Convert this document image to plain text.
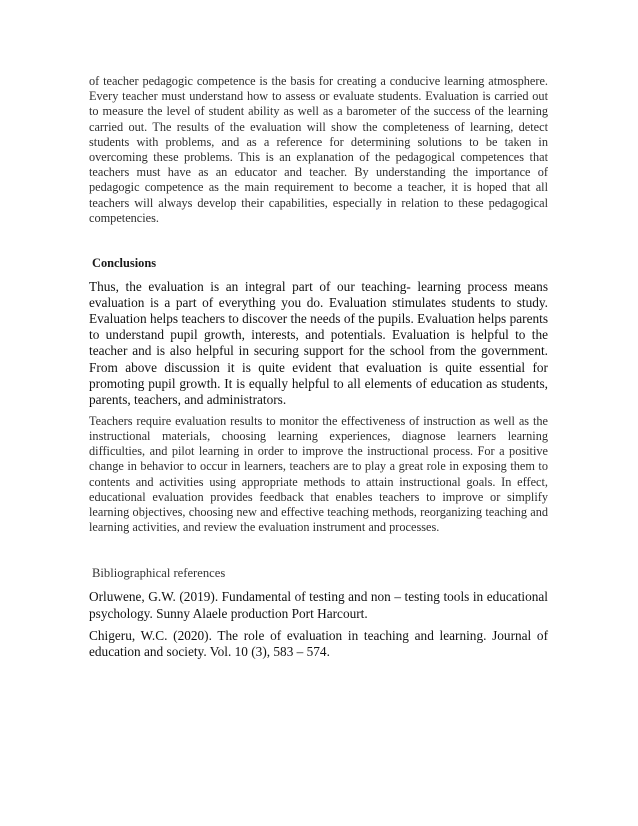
of teacher pedagogic competence is the basis for creating a conducive learning atmosphere. Every teacher must understand how to assess or evaluate students. Evaluation is carried out to measure the level of student ability as well as a barometer of the success of the learning carried out. The results of the evaluation will show the completeness of learning, detect students with problems, and as a reference for determining solutions to be taken in overcoming these problems. This is an explanation of the pedagogical competences that teachers must have as an educator and teacher. By understanding the importance of pedagogic competence as the main requirement to become a teacher, it is hoped that all teachers will always develop their capabilities, especially in relation to these pedagogical competencies.

Conclusions

Thus, the evaluation is an integral part of our teaching- learning process means evaluation is a part of everything you do. Evaluation stimulates students to study. Evaluation helps teachers to discover the needs of the pupils. Evaluation helps parents to understand pupil growth, interests, and potentials. Evaluation is helpful to the teacher and is also helpful in securing support for the school from the government. From above discussion it is quite evident that evaluation is quite essential for promoting pupil growth. It is equally helpful to all elements of education as students, parents, teachers, and administrators.

Teachers require evaluation results to monitor the effectiveness of instruction as well as the instructional materials, choosing learning experiences, diagnose learners learning difficulties, and pilot learning in order to improve the instructional process. For a positive change in behavior to occur in learners, teachers are to play a great role in exposing them to contents and activities using appropriate methods to attain instructional goals. In effect, educational evaluation provides feedback that enables teachers to improve or simplify learning objectives, choosing new and effective teaching methods, reorganizing teaching and learning activities, and review the evaluation instrument and processes.

Bibliographical references

Orluwene, G.W. (2019). Fundamental of testing and non – testing tools in educational psychology. Sunny Alaele production Port Harcourt.

Chigeru, W.C. (2020). The role of evaluation in teaching and learning. Journal of education and society. Vol. 10 (3), 583 – 574.
